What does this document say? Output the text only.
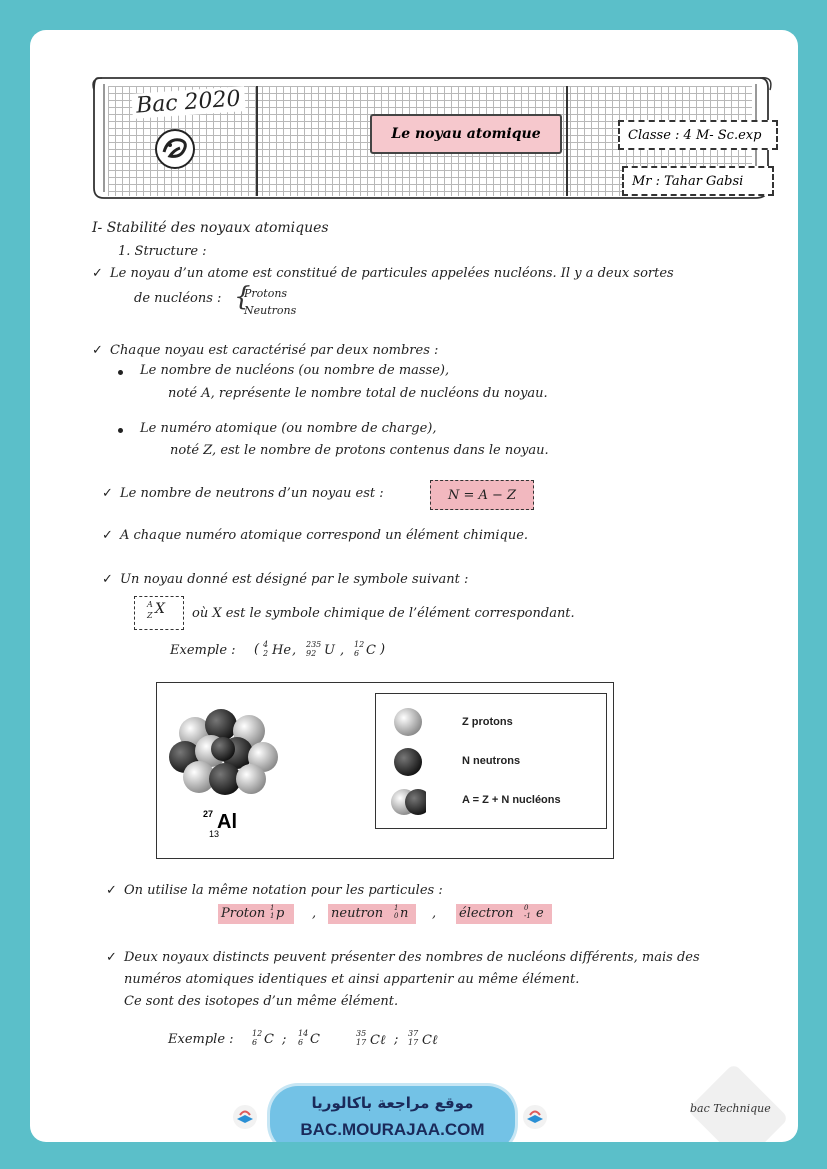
Bac 2020
Le noyau atomique	Classe : 4 M- Sc.exp
Mr : Tahar Gabsi
I- Stabilité des noyaux atomiques
1. Structure :
✓ Le noyau d’un atome est constitué de particules appelées nucléons. Il y a deux sortes
de nucléons : {
Protons
Neutrons
✓ Chaque noyau est caractérisé par deux nombres :
Le nombre de nucléons (ou nombre de masse),
noté A, représente le nombre total de nucléons du noyau.
Le numéro atomique (ou nombre de charge),
noté Z, est le nombre de protons contenus dans le noyau.
✓ Le nombre de neutrons d’un noyau est :	N = A − Z
✓ A chaque numéro atomique correspond un élément chimique.
✓ Un noyau donné est désigné par le symbole suivant :
A
Z X où X est le symbole chimique de l’élément correspondant.
Exemple : ( 4
2 He , 235
92 U , 12
6 C )
27
13
Al
Z protons
N neutrons
A = Z + N nucléons
✓ On utilise la même notation pour les particules :
Proton 1
1 p , neutron 1
0 n , électron 0
-1 e
✓ Deux noyaux distincts peuvent présenter des nombres de nucléons différents, mais des
numéros atomiques identiques et ainsi appartenir au même élément.
Ce sont des isotopes d’un même élément.
Exemple : 12
6 C ; 14
6 C	35
17 Cℓ ; 37
17 Cℓ
موقع مراجعة باكالوريا
BAC.MOURAJAA.COM
bac Technique
